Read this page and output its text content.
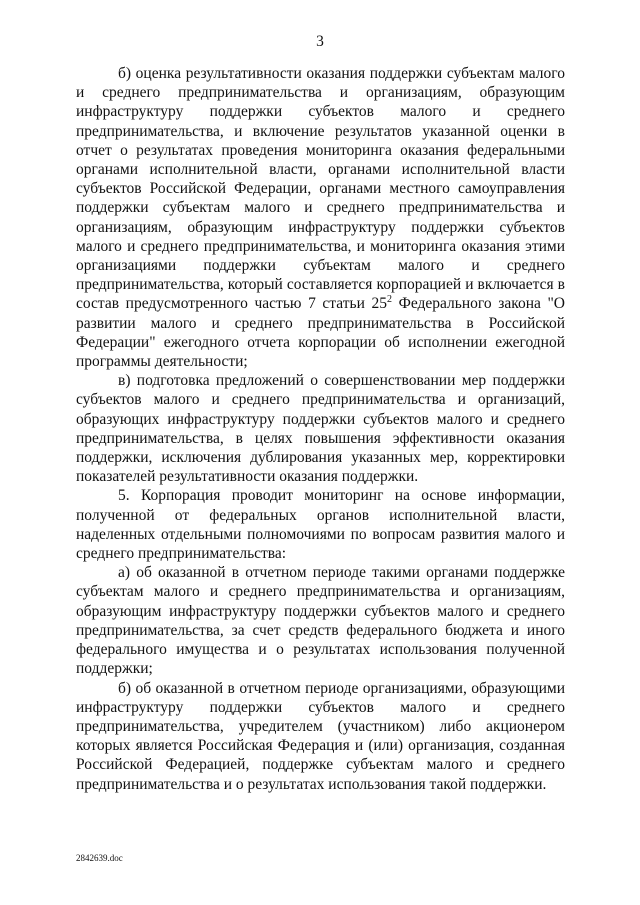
3

б) оценка результативности оказания поддержки субъектам малого и среднего предпринимательства и организациям, образующим инфраструктуру поддержки субъектов малого и среднего предпринимательства, и включение результатов указанной оценки в отчет о результатах проведения мониторинга оказания федеральными органами исполнительной власти, органами исполнительной власти субъектов Российской Федерации, органами местного самоуправления поддержки субъектам малого и среднего предпринимательства и организациям, образующим инфраструктуру поддержки субъектов малого и среднего предпринимательства, и мониторинга оказания этими организациями поддержки субъектам малого и среднего предпринимательства, который составляется корпорацией и включается в состав предусмотренного частью 7 статьи $25^2$ Федерального закона "О развитии малого и среднего предпринимательства в Российской Федерации" ежегодного отчета корпорации об исполнении ежегодной программы деятельности;

в) подготовка предложений о совершенствовании мер поддержки субъектов малого и среднего предпринимательства и организаций, образующих инфраструктуру поддержки субъектов малого и среднего предпринимательства, в целях повышения эффективности оказания поддержки, исключения дублирования указанных мер, корректировки показателей результативности оказания поддержки.

5. Корпорация проводит мониторинг на основе информации, полученной от федеральных органов исполнительной власти, наделенных отдельными полномочиями по вопросам развития малого и среднего предпринимательства:

а) об оказанной в отчетном периоде такими органами поддержке субъектам малого и среднего предпринимательства и организациям, образующим инфраструктуру поддержки субъектов малого и среднего предпринимательства, за счет средств федерального бюджета и иного федерального имущества и о результатах использования полученной поддержки;

б) об оказанной в отчетном периоде организациями, образующими инфраструктуру поддержки субъектов малого и среднего предпринимательства, учредителем (участником) либо акционером которых является Российская Федерация и (или) организация, созданная Российской Федерацией, поддержке субъектам малого и среднего предпринимательства и о результатах использования такой поддержки.

2842639.doc
